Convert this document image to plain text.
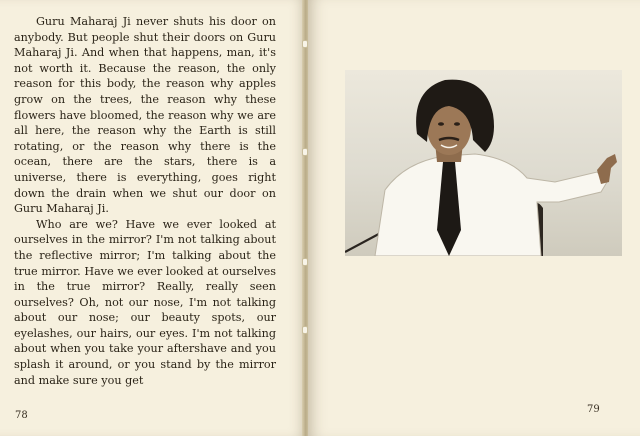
Guru Maharaj Ji never shuts his door on anybody. But people shut their doors on Guru Maharaj Ji. And when that happens, man, it's not worth it. Because the reason, the only reason for this body, the reason why apples grow on the trees, the reason why these flowers have bloomed, the reason why we are all here, the reason why the Earth is still rotating, or the reason why there is the ocean, there are the stars, there is a universe, there is everything, goes right down the drain when we shut our door on Guru Maharaj Ji.

Who are we? Have we ever looked at ourselves in the mirror? I'm not talking about the reflective mirror; I'm talking about the true mirror. Have we ever looked at ourselves in the true mirror? Really, really seen ourselves? Oh, not our nose, I'm not talking about our nose; our beauty spots, our eyelashes, our hairs, our eyes. I'm not talking about when you take your aftershave and you splash it around, or you stand by the mirror and make sure you get

78
79
